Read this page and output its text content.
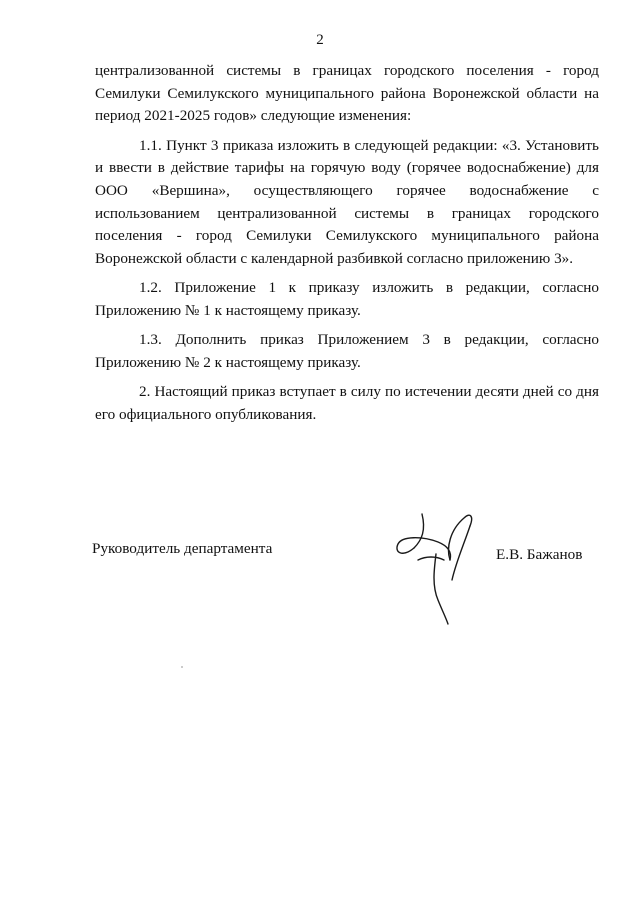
2

централизованной системы в границах городского поселения - город Семилуки Семилукского муниципального района Воронежской области на период 2021-2025 годов» следующие изменения:

1.1. Пункт 3 приказа изложить в следующей редакции: «3. Установить и ввести в действие тарифы на горячую воду (горячее водоснабжение) для ООО «Вершина», осуществляющего горячее водоснабжение с использованием централизованной системы в границах городского поселения - город Семилуки Семилукского муниципального района Воронежской области с календарной разбивкой согласно приложению 3».

1.2. Приложение 1 к приказу изложить в редакции, согласно Приложению № 1 к настоящему приказу.

1.3. Дополнить приказ Приложением 3 в редакции, согласно Приложению № 2 к настоящему приказу.

2. Настоящий приказ вступает в силу по истечении десяти дней со дня его официального опубликования.

Руководитель департамента	Е.В. Бажанов
